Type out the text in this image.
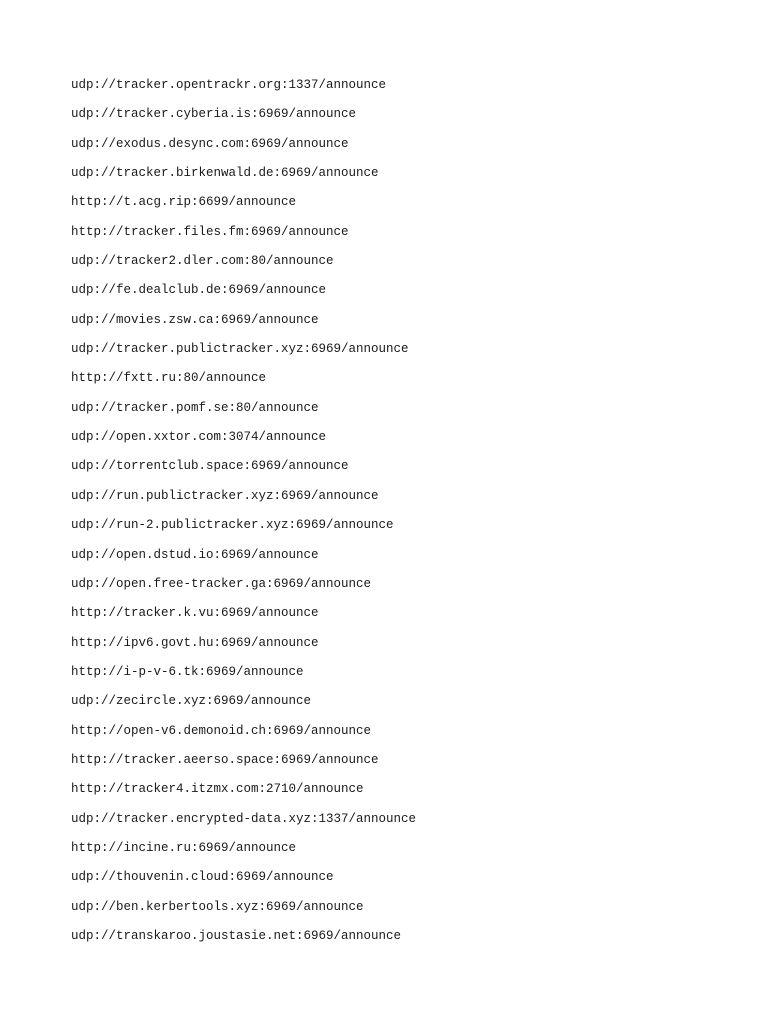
udp://tracker.opentrackr.org:1337/announce
udp://tracker.cyberia.is:6969/announce
udp://exodus.desync.com:6969/announce
udp://tracker.birkenwald.de:6969/announce
http://t.acg.rip:6699/announce
http://tracker.files.fm:6969/announce
udp://tracker2.dler.com:80/announce
udp://fe.dealclub.de:6969/announce
udp://movies.zsw.ca:6969/announce
udp://tracker.publictracker.xyz:6969/announce
http://fxtt.ru:80/announce
udp://tracker.pomf.se:80/announce
udp://open.xxtor.com:3074/announce
udp://torrentclub.space:6969/announce
udp://run.publictracker.xyz:6969/announce
udp://run-2.publictracker.xyz:6969/announce
udp://open.dstud.io:6969/announce
udp://open.free-tracker.ga:6969/announce
http://tracker.k.vu:6969/announce
http://ipv6.govt.hu:6969/announce
http://i-p-v-6.tk:6969/announce
udp://zecircle.xyz:6969/announce
http://open-v6.demonoid.ch:6969/announce
http://tracker.aeerso.space:6969/announce
http://tracker4.itzmx.com:2710/announce
udp://tracker.encrypted-data.xyz:1337/announce
http://incine.ru:6969/announce
udp://thouvenin.cloud:6969/announce
udp://ben.kerbertools.xyz:6969/announce
udp://transkaroo.joustasie.net:6969/announce
